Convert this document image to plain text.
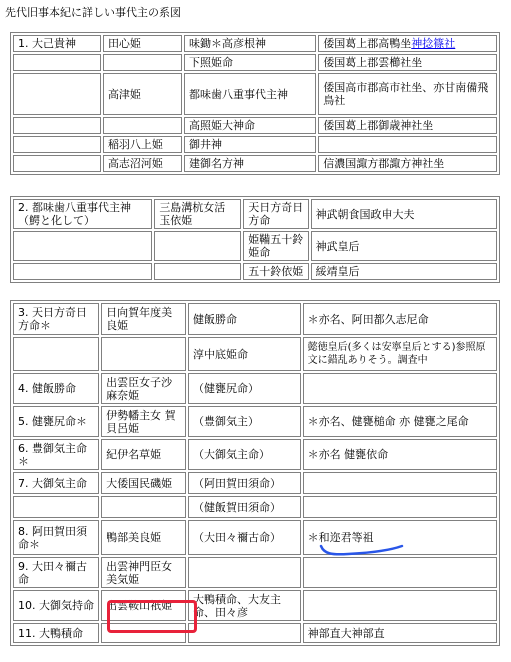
先代旧事本紀に詳しい事代主の系図
1. 大己貴神	田心姫	味鋤＊高彦根神	倭国葛上郡高鴨坐神捻篠社
		下照姫命	倭国葛上郡雲櫛社坐
	高津姫	都味歯八重事代主神	倭国高市郡高市社坐、亦甘南備飛鳥社
		高照姫大神命	倭国葛上郡御歳神社坐
	稲羽八上姫	御井神	
	高志沼河姫	建御名方神	信濃国諏方郡諏方神社坐
2. 都味歯八重事代主神（鰐と化して）	三島溝杭女活玉依姫	天日方奇日方命	神武朝食国政申大夫
		姫鞴五十鈴姫命	神武皇后
		五十鈴依姫	綏靖皇后
3. 天日方奇日方命＊	日向賀年度美良姫	健飯勝命	＊亦名、阿田都久志尼命
		淳中底姫命	懿徳皇后(多くは安寧皇后とする)参照原文に錯乱ありそう。調査中
4. 健飯勝命	出雲臣女子沙麻奈姫	（健甕尻命）	
5. 健甕尻命＊	伊勢幡主女 賀貝呂姫	（豊御気主）	＊亦名、健甕槌命 亦 健甕之尾命
6. 豊御気主命＊	紀伊名草姫	（大御気主命）	＊亦名 健甕依命
7. 大御気主命	大倭国民磯姫	（阿田賀田須命）	
		（健飯賀田須命）	
8. 阿田賀田須命＊	鴨部美良姫	（大田々禰古命）	＊和迩君等祖
9. 大田々禰古命	出雲神門臣女美気姫		
10. 大御気持命	出雲鞍山祇姫	大鴨積命、大友主命、田々彦	
11. 大鴨積命			神部直大神部直
